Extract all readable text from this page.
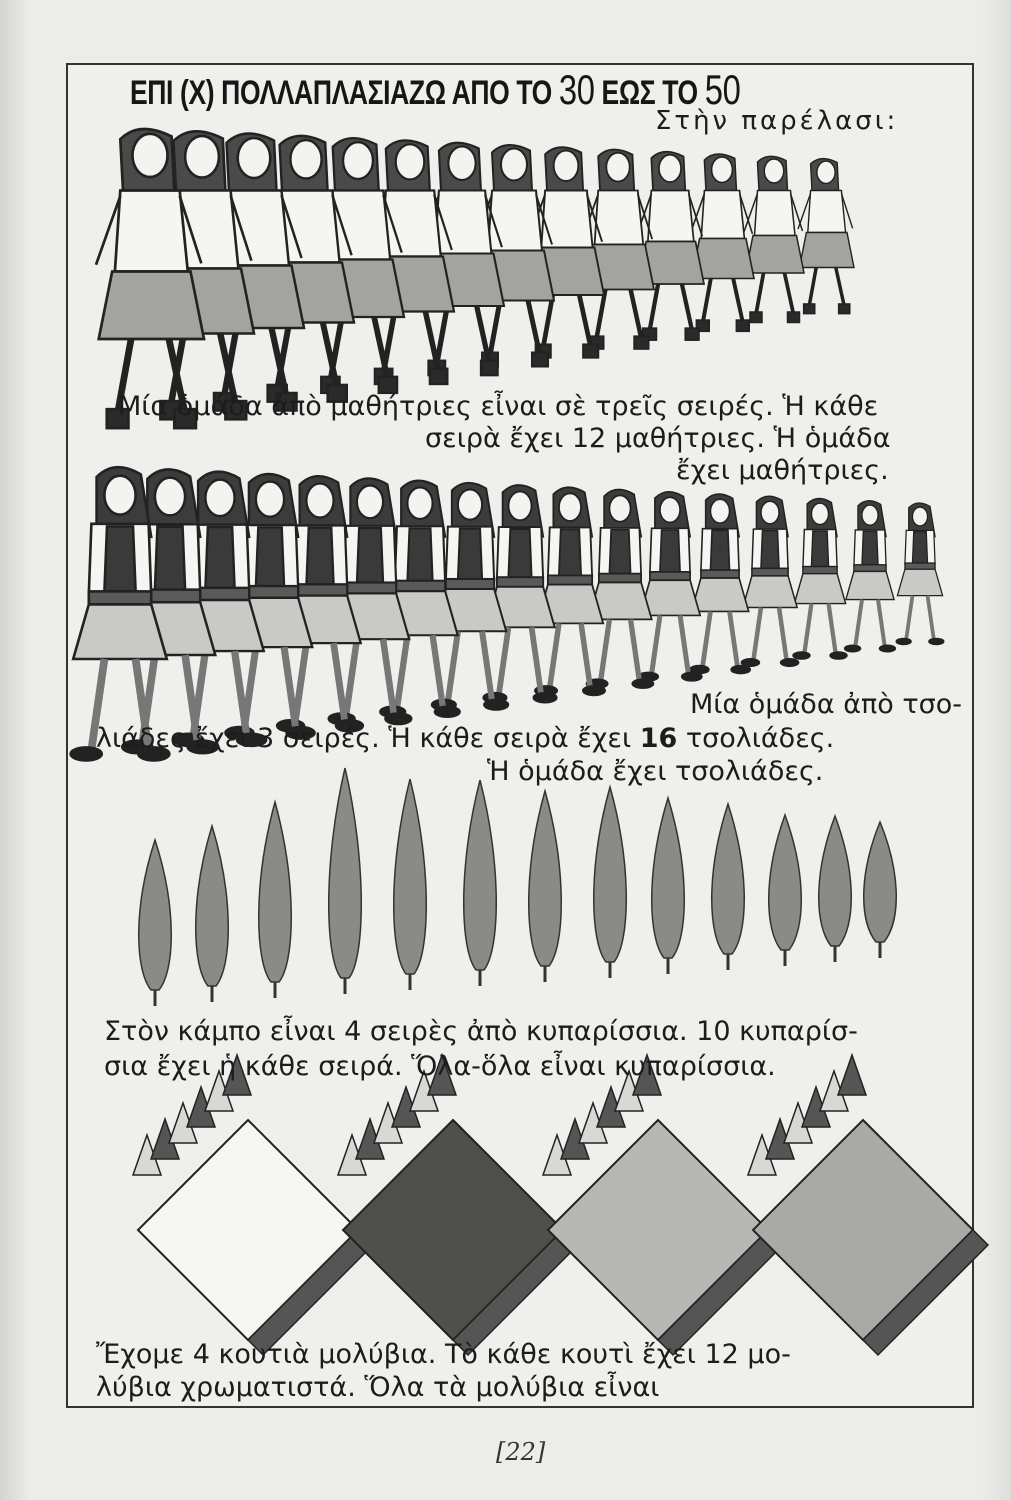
ΕΠΙ (X) ΠΟΛΛΑΠΛΑΣΙΑΖΩ ΑΠΟ ΤΟ 30 ΕΩΣ ΤΟ 50
Στὴν παρέλασι:
Μία ὁμάδα ἀπὸ μαθήτριες εἶναι σὲ τρεῖς σειρές. Ἡ κάθε
σειρὰ ἔχει 12 μαθήτριες. Ἡ ὁμάδα
ἔχει μαθήτριες.
Μία ὁμάδα ἀπὸ τσο-
λιάδες ἔχει 3 σειρές. Ἡ κάθε σειρὰ ἔχει 16 τσολιάδες.
Ἡ ὁμάδα ἔχει τσολιάδες.
Στὸν κάμπο εἶναι 4 σειρὲς ἀπὸ κυπαρίσσια. 10 κυπαρίσ-
σια ἔχει ἡ κάθε σειρά. Ὅλα-ὅλα εἶναι κυπαρίσσια.
Ἔχομε 4 κουτιὰ μολύβια. Τὸ κάθε κουτὶ ἔχει 12 μο-
λύβια χρωματιστά. Ὅλα τὰ μολύβια εἶναι
[22]
